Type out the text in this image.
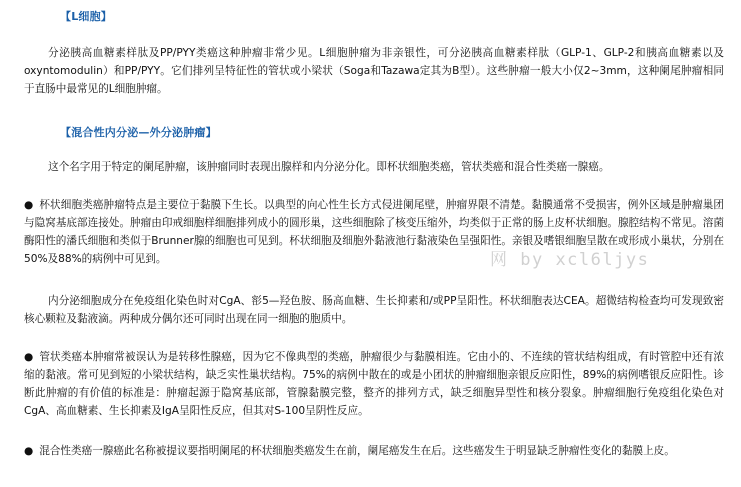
【L细胞】
分泌胰高血糖素样肽及PP/PYY类癌这种肿瘤非常少见。L细胞肿瘤为非亲银性，可分泌胰高血糖素样肽（GLP-1、GLP-2和胰高血糖素以及oxyntomodulin）和PP/PYY。它们排列呈特征性的管状或小梁状（Soga和Tazawa定其为B型）。这些肿瘤一般大小仅2~3mm，这种阑尾肿瘤相同于直肠中最常见的L细胞肿瘤。
【混合性内分泌—外分泌肿瘤】
这个名字用于特定的阑尾肿瘤，该肿瘤同时表现出腺样和内分泌分化。即杯状细胞类癌，管状类癌和混合性类癌一腺癌。
● 杯状细胞类癌肿瘤特点是主要位于黏膜下生长。以典型的向心性生长方式侵进阑尾壁，肿瘤界限不清楚。黏膜通常不受损害，例外区域是肿瘤巢团与隐窝基底部连接处。肿瘤由印戒细胞样细胞排列成小的圆形巢，这些细胞除了核变压缩外，均类似于正常的肠上皮杯状细胞。腺腔结构不常见。溶菌酶阳性的潘氏细胞和类似于Brunner腺的细胞也可见到。杯状细胞及细胞外黏液池行黏液染色呈强阳性。亲银及嗜银细胞呈散在或形成小巢状，分别在50%及88%的病例中可见到。
内分泌细胞成分在免疫组化染色时对CgA、彮5—羟色胺、肠高血糖、生长抑素和/或PP呈阳性。杯状细胞表达CEA。超微结构检查均可发现致密核心颗粒及黏液滴。两种成分偶尔还可同时出现在同一细胞的胞质中。
● 管状类癌本肿瘤常被误认为是转移性腺癌，因为它不像典型的类癌，肿瘤很少与黏膜相连。它由小的、不连续的管状结构组成，有时管腔中还有浓缩的黏液。常可见到短的小梁状结构，缺乏实性巢状结构。75%的病例中散在的或是小团状的肿瘤细胞亲银反应阳性，89%的病例嗜银反应阳性。诊断此肿瘤的有价值的标准是：肿瘤起源于隐窝基底部，管腺黏膜完整，整齐的排列方式，缺乏细胞异型性和核分裂象。肿瘤细胞行免疫组化染色对CgA、高血糖素、生长抑素及IgA呈阳性反应，但其对S-100呈阴性反应。
● 混合性类癌一腺癌此名称被提议要指明阑尾的杯状细胞类癌发生在前，阑尾癌发生在后。这些癌发生于明显缺乏肿瘤性变化的黏膜上皮。
网 by xcl6ljys
